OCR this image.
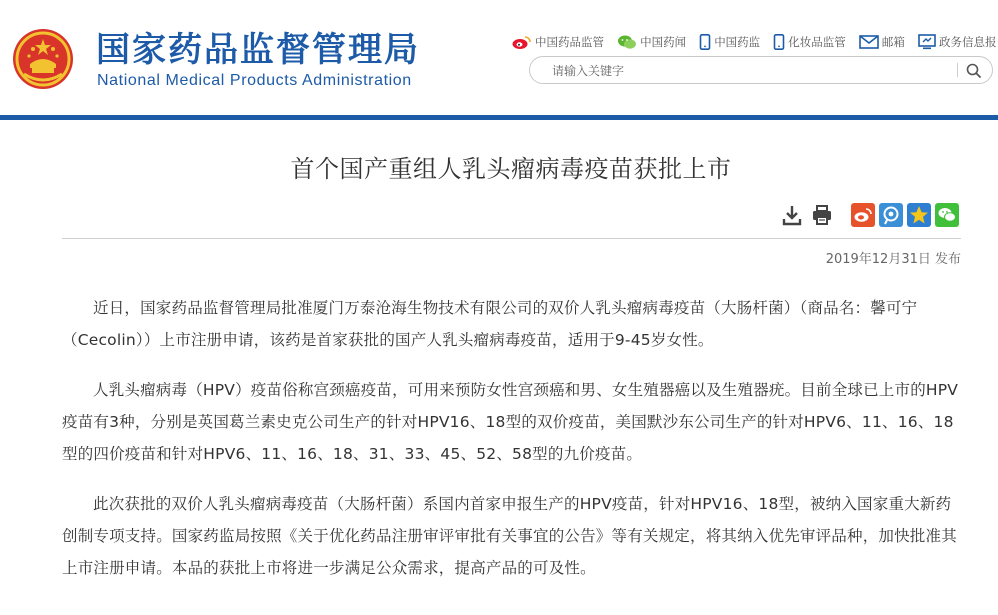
国家药品监督管理局
National Medical Products Administration
中国药品监管
	中国药闻
中国药监
化妆品监管
	邮箱
	政务信息报
请输入关键字
首个国产重组人乳头瘤病毒疫苗获批上市
2019年12月31日 发布

近日，国家药品监督管理局批准厦门万泰沧海生物技术有限公司的双价人乳头瘤病毒疫苗（大肠杆菌）（商品名：馨可宁（Cecolin））上市注册申请，该药是首家获批的国产人乳头瘤病毒疫苗，适用于9-45岁女性。

人乳头瘤病毒（HPV）疫苗俗称宫颈癌疫苗，可用来预防女性宫颈癌和男、女生殖器癌以及生殖器疣。目前全球已上市的HPV疫苗有3种，分别是英国葛兰素史克公司生产的针对HPV16、18型的双价疫苗，美国默沙东公司生产的针对HPV6、11、16、18型的四价疫苗和针对HPV6、11、16、18、31、33、45、52、58型的九价疫苗。

此次获批的双价人乳头瘤病毒疫苗（大肠杆菌）系国内首家申报生产的HPV疫苗，针对HPV16、18型，被纳入国家重大新药创制专项支持。国家药监局按照《关于优化药品注册审评审批有关事宜的公告》等有关规定，将其纳入优先审评品种，加快批准其上市注册申请。本品的获批上市将进一步满足公众需求，提高产品的可及性。
